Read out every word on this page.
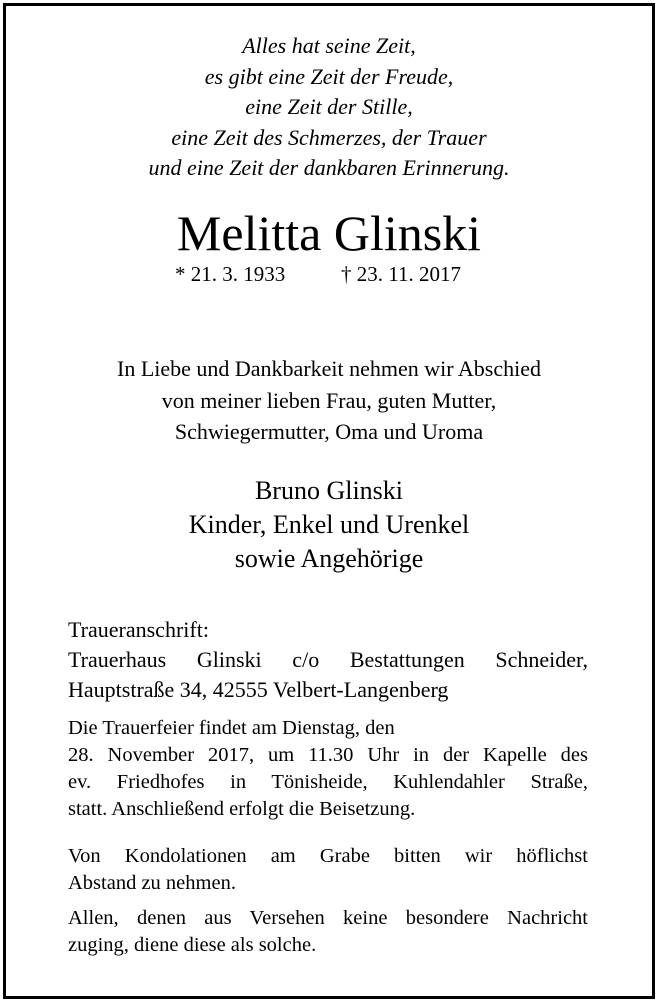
Alles hat seine Zeit,
es gibt eine Zeit der Freude,
eine Zeit der Stille,
eine Zeit des Schmerzes, der Trauer
und eine Zeit der dankbaren Erinnerung.
Melitta Glinski
* 21. 3. 1933	† 23. 11. 2017
In Liebe und Dankbarkeit nehmen wir Abschied
von meiner lieben Frau, guten Mutter,
Schwiegermutter, Oma und Uroma
Bruno Glinski
Kinder, Enkel und Urenkel
sowie Angehörige
Traueranschrift:
Trauerhaus Glinski c/o Bestattungen Schneider,
Hauptstraße 34, 42555 Velbert-Langenberg
Die Trauerfeier findet am Dienstag, den
28. November 2017, um 11.30 Uhr in der Kapelle des
ev. Friedhofes in Tönisheide, Kuhlendahler Straße,
statt. Anschließend erfolgt die Beisetzung.
Von Kondolationen am Grabe bitten wir höflichst
Abstand zu nehmen.
Allen, denen aus Versehen keine besondere Nachricht
zuging, diene diese als solche.
